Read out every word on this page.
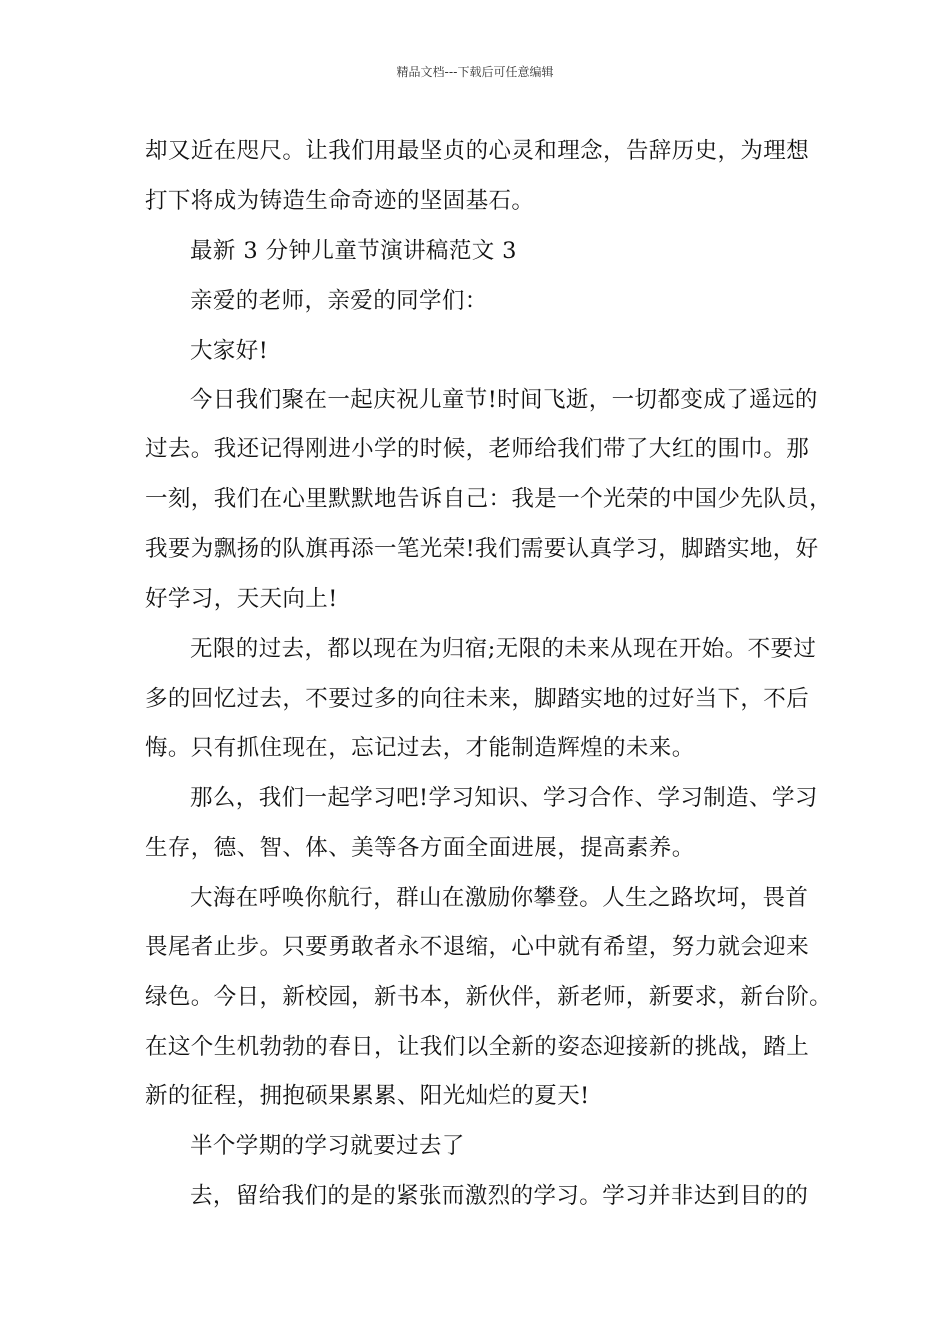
精品文档---下载后可任意编辑
却又近在咫尺。让我们用最坚贞的心灵和理念，告辞历史，为理想
打下将成为铸造生命奇迹的坚固基石。
最新 3 分钟儿童节演讲稿范文 3
亲爱的老师，亲爱的同学们：
大家好!
今日我们聚在一起庆祝儿童节!时间飞逝，一切都变成了遥远的
过去。我还记得刚进小学的时候，老师给我们带了大红的围巾。那
一刻，我们在心里默默地告诉自己：我是一个光荣的中国少先队员，
我要为飘扬的队旗再添一笔光荣!我们需要认真学习，脚踏实地，好
好学习，天天向上!
无限的过去，都以现在为归宿;无限的未来从现在开始。不要过
多的回忆过去，不要过多的向往未来，脚踏实地的过好当下，不后
悔。只有抓住现在，忘记过去，才能制造辉煌的未来。
那么，我们一起学习吧!学习知识、学习合作、学习制造、学习
生存，德、智、体、美等各方面全面进展，提高素养。
大海在呼唤你航行，群山在激励你攀登。人生之路坎坷，畏首
畏尾者止步。只要勇敢者永不退缩，心中就有希望，努力就会迎来
绿色。今日，新校园，新书本，新伙伴，新老师，新要求，新台阶。
在这个生机勃勃的春日，让我们以全新的姿态迎接新的挑战，踏上
新的征程，拥抱硕果累累、阳光灿烂的夏天!
半个学期的学习就要过去了
去，留给我们的是的紧张而激烈的学习。学习并非达到目的的
